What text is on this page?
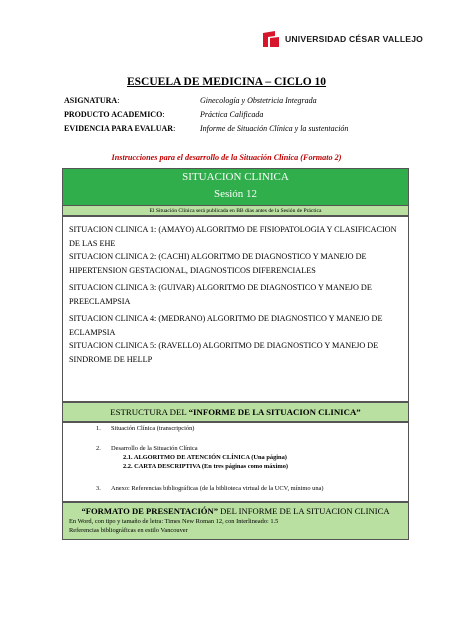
UNIVERSIDAD CÉSAR VALLEJO
ESCUELA DE MEDICINA – CICLO 10
ASIGNATURA:	Ginecología y Obstetricia Integrada
PRODUCTO ACADEMICO:	Práctica Calificada
EVIDENCIA PARA EVALUAR:	Informe de Situación Clínica y la sustentación
Instrucciones para el desarrollo de la Situación Clínica (Formato 2)
SITUACION CLINICA
Sesión 12
El Situación Clínica será publicada en BB días antes de la Sesión de Práctica

SITUACION CLINICA 1: (AMAYO) ALGORITMO DE FISIOPATOLOGIA Y CLASIFICACION DE LAS EHE

SITUACION CLINICA 2: (CACHI) ALGORITMO DE DIAGNOSTICO Y MANEJO DE HIPERTENSION GESTACIONAL, DIAGNOSTICOS DIFERENCIALES

SITUACION CLINICA 3: (GUIVAR) ALGORITMO DE DIAGNOSTICO Y MANEJO DE PREECLAMPSIA

SITUACION CLINICA 4: (MEDRANO) ALGORITMO DE DIAGNOSTICO Y MANEJO DE ECLAMPSIA

SITUACION CLINICA 5: (RAVELLO) ALGORITMO DE DIAGNOSTICO Y MANEJO DE SINDROME DE HELLP

ESTRUCTURA DEL “INFORME DE LA SITUACION CLINICA”
1. Situación Clínica (transcripción)
2. Desarrollo de la Situación Clínica
2.1. ALGORITMO DE ATENCIÓN CLÍNICA (Una página)
2.2. CARTA DESCRIPTIVA (En tres páginas como máximo)
3. Anexo: Referencias bibliográficas (de la biblioteca virtual de la UCV, mínimo una)
“FORMATO DE PRESENTACIÓN” DEL INFORME DE LA SITUACION CLINICA
En Word, con tipo y tamaño de letra: Times New Roman 12, con Interlineado: 1.5
Referencias bibliográficas en estilo Vancouver
